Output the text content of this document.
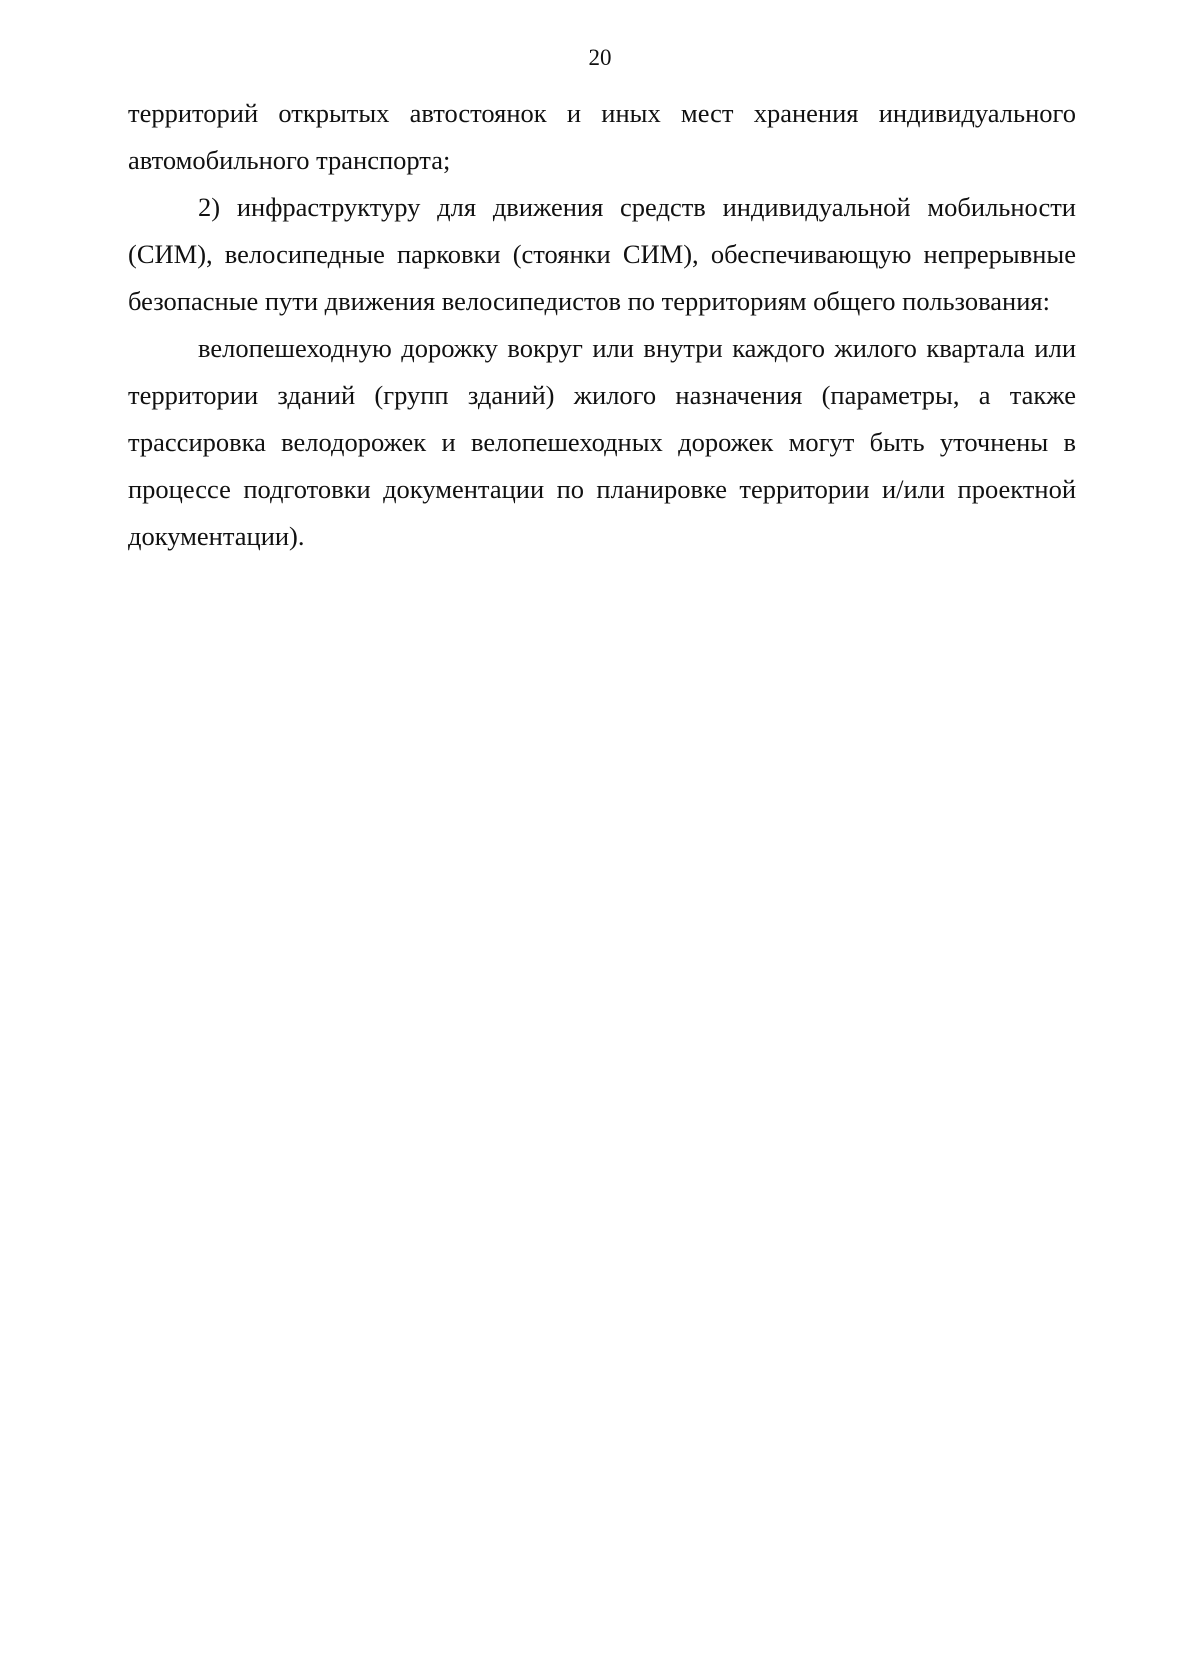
20

территорий открытых автостоянок и иных мест хранения индивидуального автомобильного транспорта;

2) инфраструктуру для движения средств индивидуальной мобильности (СИМ), велосипедные парковки (стоянки СИМ), обеспечивающую непрерывные безопасные пути движения велосипедистов по территориям общего пользования:

велопешеходную дорожку вокруг или внутри каждого жилого квартала или территории зданий (групп зданий) жилого назначения (параметры, а также трассировка велодорожек и велопешеходных дорожек могут быть уточнены в процессе подготовки документации по планировке территории и/или проектной документации).
